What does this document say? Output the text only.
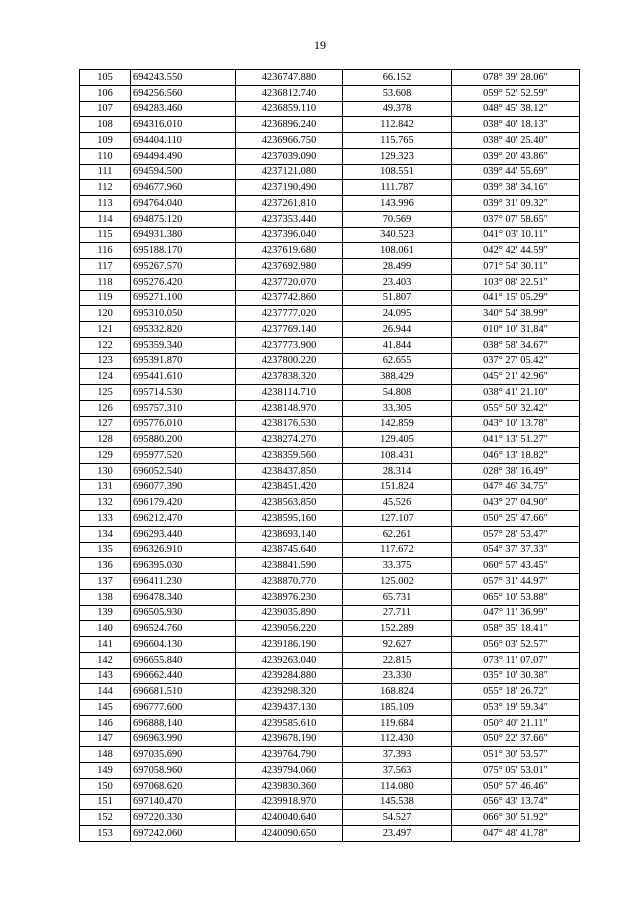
19
105	694243.550	4236747.880	66.152	078° 39' 28.06"
106	694256.560	4236812.740	53.608	059° 52' 52.59"
107	694283.460	4236859.110	49.378	048° 45' 38.12"
108	694316.010	4236896.240	112.842	038° 40' 18.13"
109	694404.110	4236966.750	115.765	038° 40' 25.40"
110	694494.490	4237039.090	129.323	039° 20' 43.86"
111	694594.500	4237121.080	108.551	039° 44' 55.69"
112	694677.960	4237190.490	111.787	039° 38' 34.16"
113	694764.040	4237261.810	143.996	039° 31' 09.32"
114	694875.120	4237353.440	70.569	037° 07' 58.65"
115	694931.380	4237396.040	340.523	041° 03' 10.11"
116	695188.170	4237619.680	108.061	042° 42' 44.59"
117	695267.570	4237692.980	28.499	071° 54' 30.11"
118	695276.420	4237720.070	23.403	103° 08' 22.51"
119	695271.100	4237742.860	51.807	041° 15' 05.29"
120	695310.050	4237777.020	24.095	340° 54' 38.99"
121	695332.820	4237769.140	26.944	010° 10' 31.84"
122	695359.340	4237773.900	41.844	038° 58' 34.67"
123	695391.870	4237800.220	62.655	037° 27' 05.42"
124	695441.610	4237838.320	388.429	045° 21' 42.96"
125	695714.530	4238114.710	54.808	038° 41' 21.10"
126	695757.310	4238148.970	33.305	055° 50' 32.42"
127	695776.010	4238176.530	142.859	043° 10' 13.78"
128	695880.200	4238274.270	129.405	041° 13' 51.27"
129	695977.520	4238359.560	108.431	046° 13' 18.82"
130	696052.540	4238437.850	28.314	028° 38' 16.49"
131	696077.390	4238451.420	151.824	047° 46' 34.75"
132	696179.420	4238563.850	45.526	043° 27' 04.90"
133	696212.470	4238595.160	127.107	050° 25' 47.66"
134	696293.440	4238693.140	62.261	057° 28' 53.47"
135	696326.910	4238745.640	117.672	054° 37' 37.33"
136	696395.030	4238841.590	33.375	060° 57' 43.45"
137	696411.230	4238870.770	125.002	057° 31' 44.97"
138	696478.340	4238976.230	65.731	065° 10' 53.88"
139	696505.930	4239035.890	27.711	047° 11' 36.99"
140	696524.760	4239056.220	152.289	058° 35' 18.41"
141	696604.130	4239186.190	92.627	056° 03' 52.57"
142	696655.840	4239263.040	22.815	073° 11' 07.07"
143	696662.440	4239284.880	23.330	035° 10' 30.38"
144	696681.510	4239298.320	168.824	055° 18' 26.72"
145	696777.600	4239437.130	185.109	053° 19' 59.34"
146	696888.140	4239585.610	119.684	050° 40' 21.11"
147	696963.990	4239678.190	112.430	050° 22' 37.66"
148	697035.690	4239764.790	37.393	051° 30' 53.57"
149	697058.960	4239794.060	37.563	075° 05' 53.01"
150	697068.620	4239830.360	114.080	050° 57' 46.46"
151	697140.470	4239918.970	145.538	056° 43' 13.74"
152	697220.330	4240040.640	54.527	066° 30' 51.92"
153	697242.060	4240090.650	23.497	047° 48' 41.78"
